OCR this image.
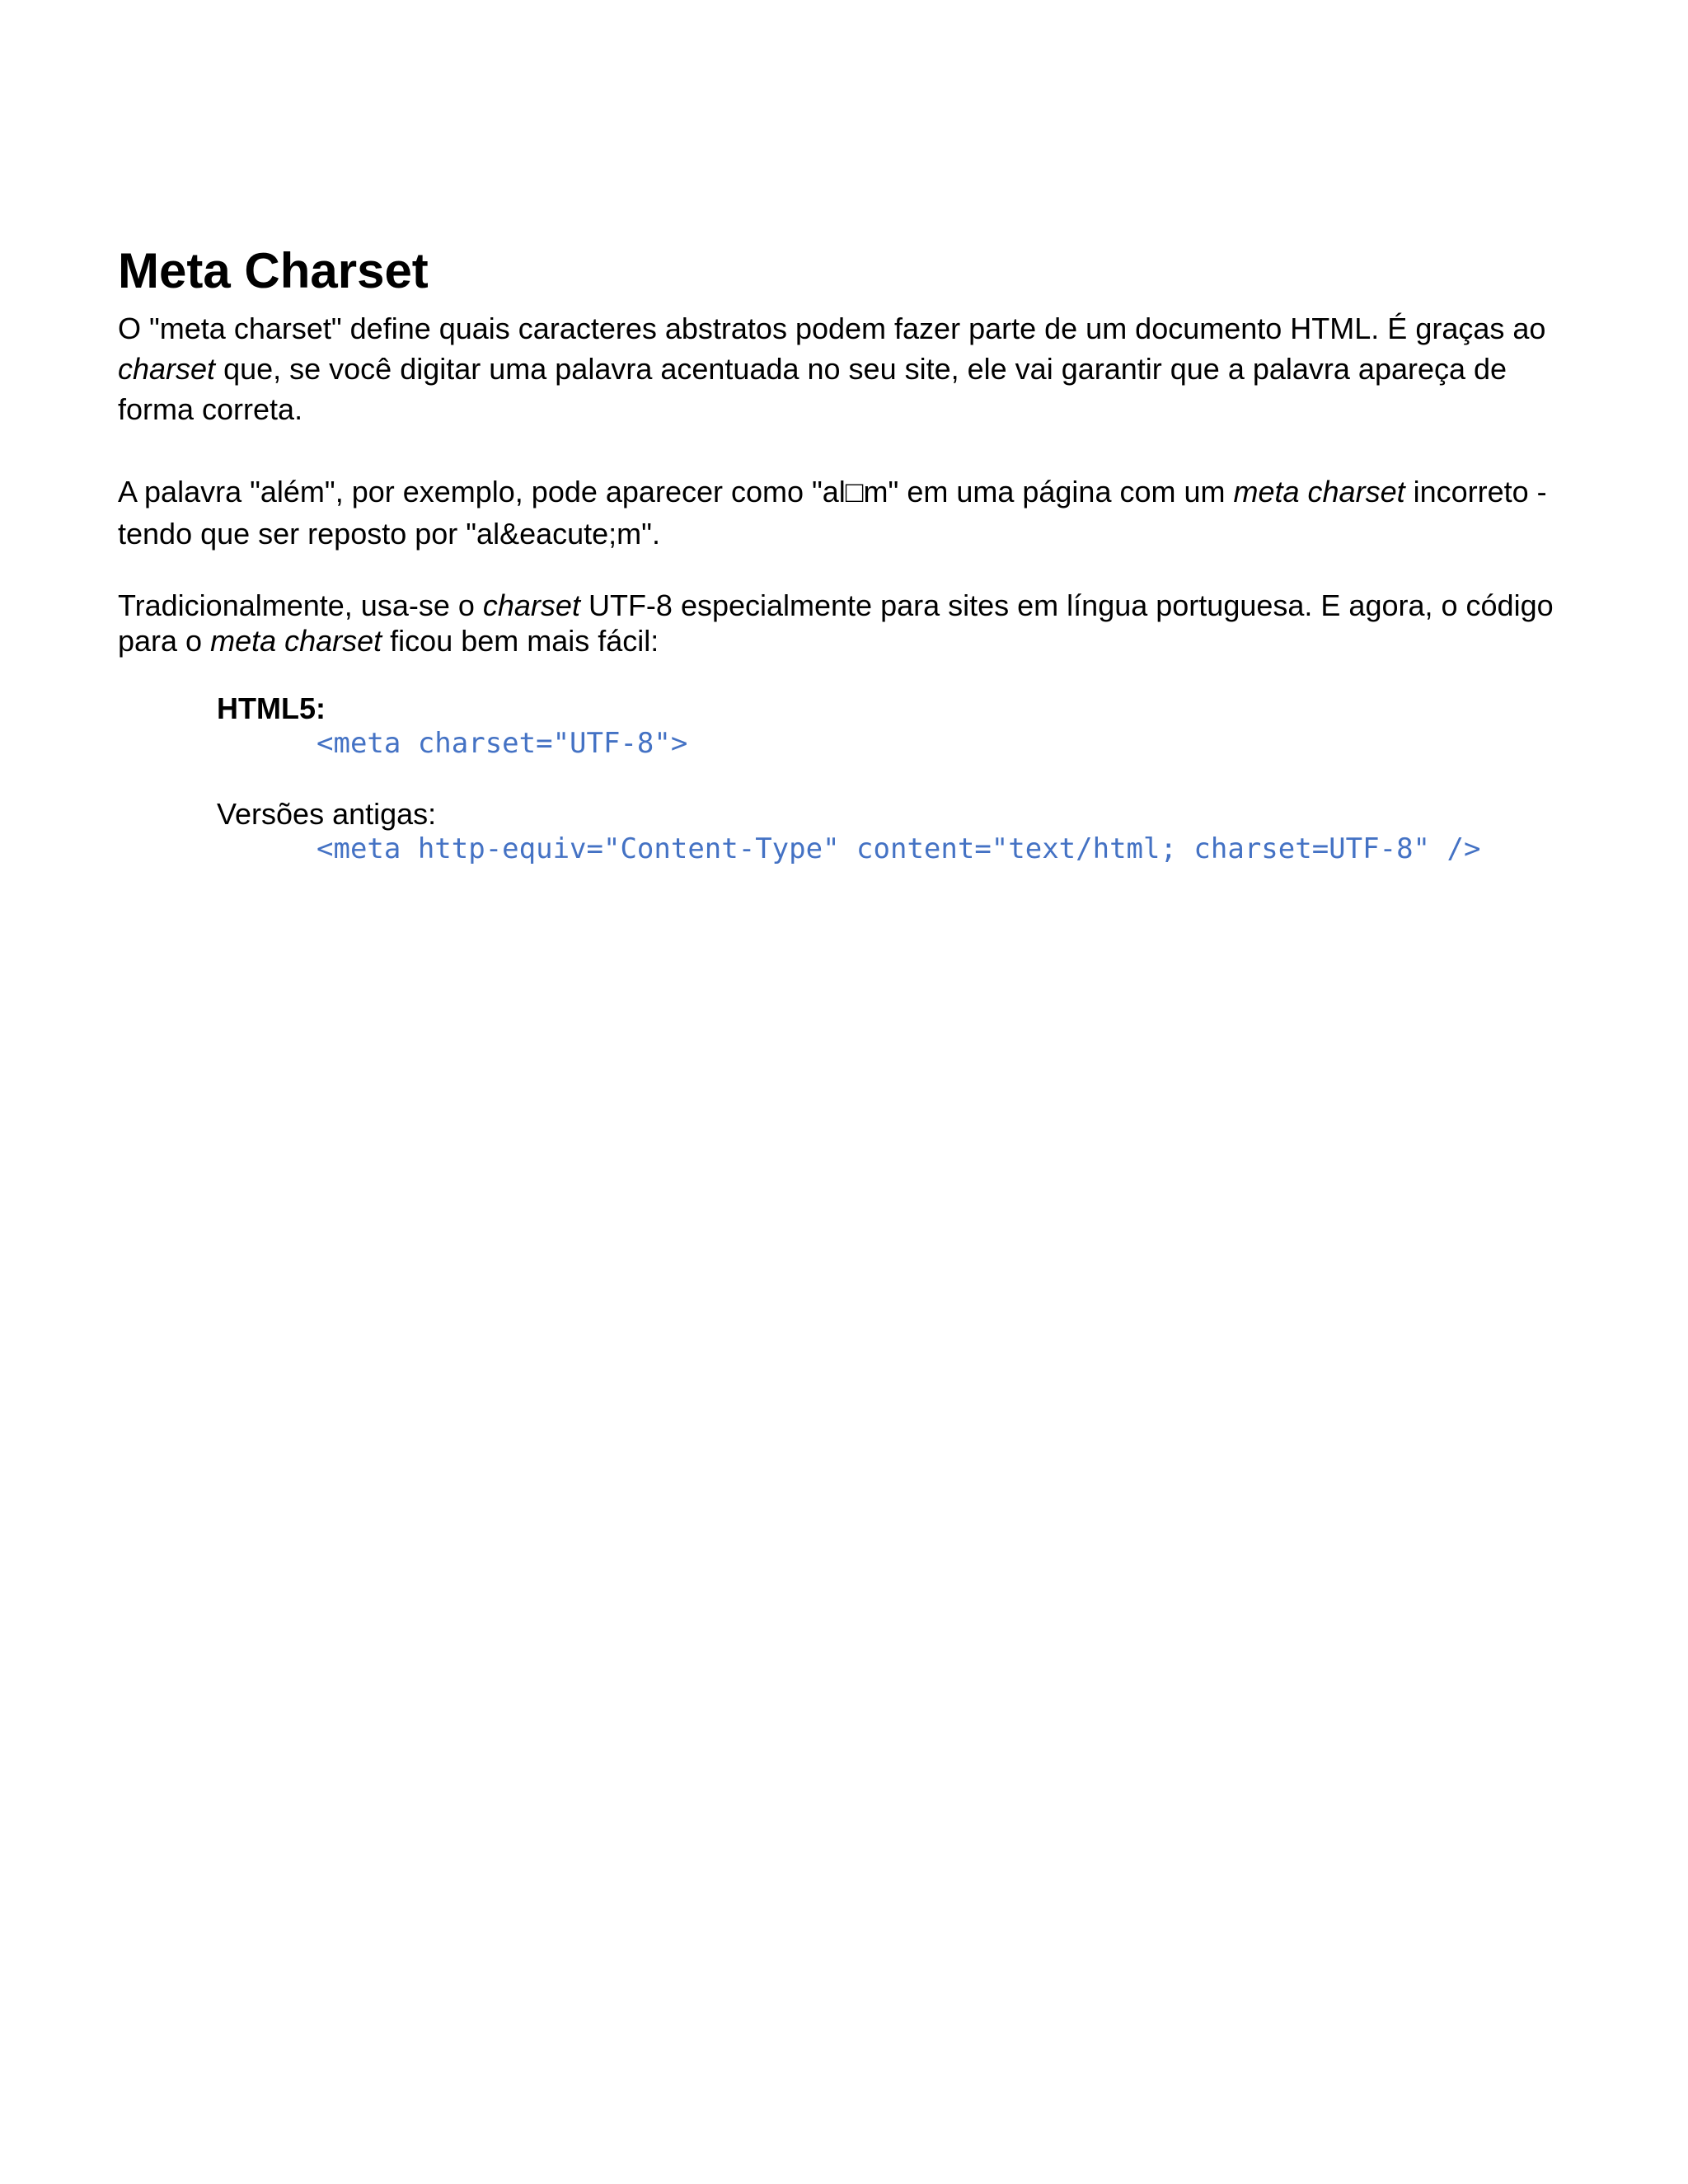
Meta Charset

O "meta charset" define quais caracteres abstratos podem fazer parte de um documento HTML. É graças ao charset que, se você digitar uma palavra acentuada no seu site, ele vai garantir que a palavra apareça de forma correta.

A palavra "além", por exemplo, pode aparecer como "al□m" em uma página com um meta charset incorreto - tendo que ser reposto por "al&eacute;m".

Tradicionalmente, usa-se o charset UTF-8 especialmente para sites em língua portuguesa. E agora, o código para o meta charset ficou bem mais fácil:

HTML5:
<meta charset="UTF-8">
Versões antigas:
<meta http-equiv="Content-Type" content="text/html; charset=UTF-8" />
